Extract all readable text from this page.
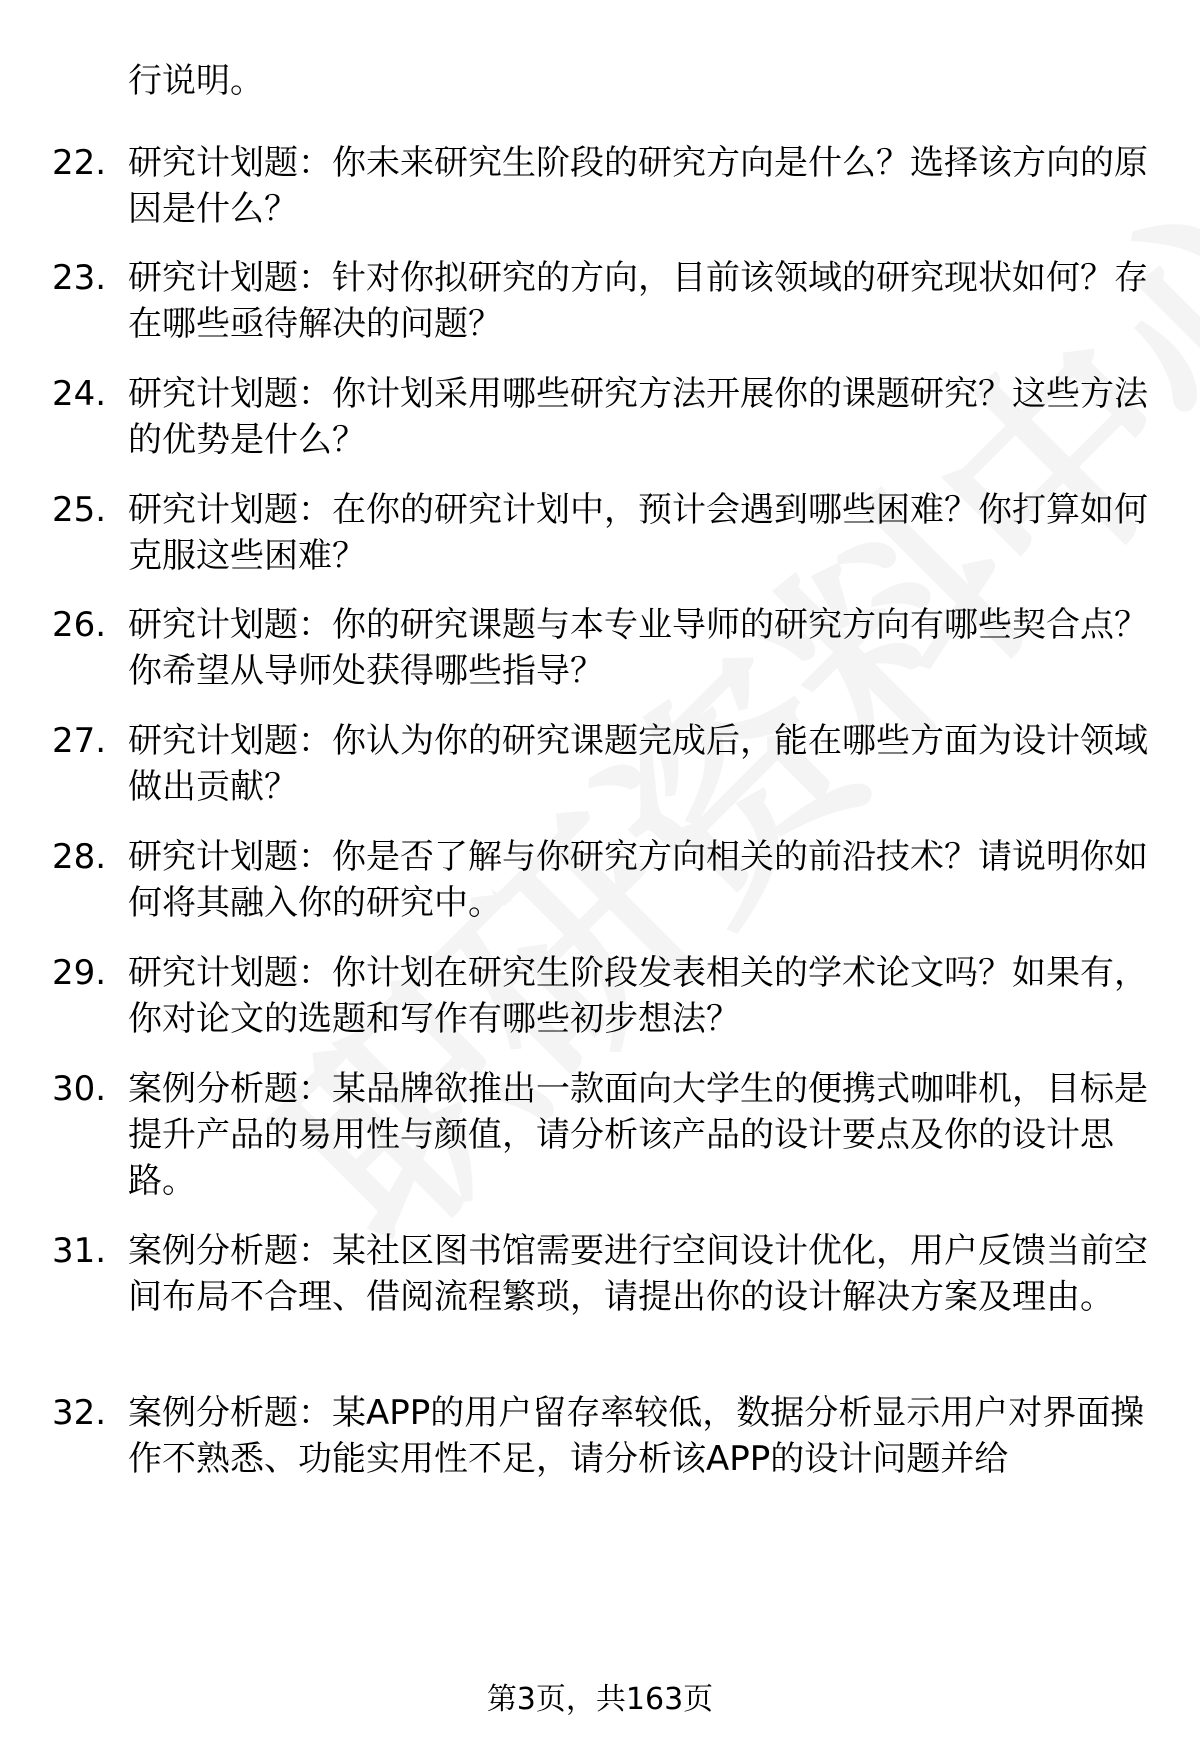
行说明。
22. 研究计划题：你未来研究生阶段的研究方向是什么？选择该方向的原因是什么？
23. 研究计划题：针对你拟研究的方向，目前该领域的研究现状如何？存在哪些亟待解决的问题？
24. 研究计划题：你计划采用哪些研究方法开展你的课题研究？这些方法的优势是什么？
25. 研究计划题：在你的研究计划中，预计会遇到哪些困难？你打算如何克服这些困难？
26. 研究计划题：你的研究课题与本专业导师的研究方向有哪些契合点？你希望从导师处获得哪些指导？
27. 研究计划题：你认为你的研究课题完成后，能在哪些方面为设计领域做出贡献？
28. 研究计划题：你是否了解与你研究方向相关的前沿技术？请说明你如何将其融入你的研究中。
29. 研究计划题：你计划在研究生阶段发表相关的学术论文吗？如果有，你对论文的选题和写作有哪些初步想法？
30. 案例分析题：某品牌欲推出一款面向大学生的便携式咖啡机，目标是提升产品的易用性与颜值，请分析该产品的设计要点及你的设计思路。
31. 案例分析题：某社区图书馆需要进行空间设计优化，用户反馈当前空间布局不合理、借阅流程繁琐，请提出你的设计解决方案及理由。
32. 案例分析题：某APP的用户留存率较低，数据分析显示用户对界面操作不熟悉、功能实用性不足，请分析该APP的设计问题并给
第3页，共163页
